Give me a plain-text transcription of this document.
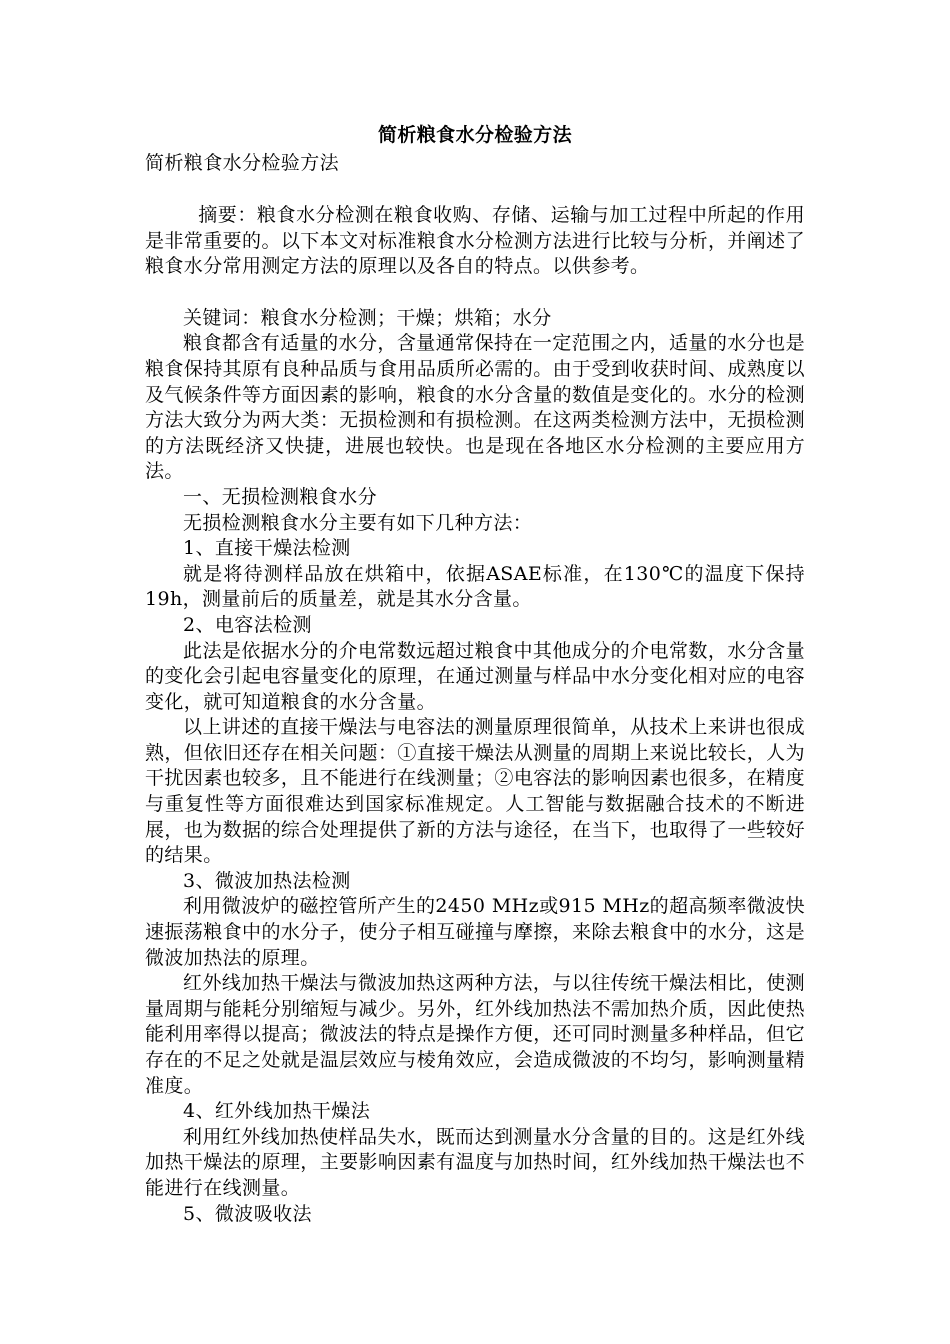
简析粮食水分检验方法
简析粮食水分检验方法
摘要：粮食水分检测在粮食收购、存储、运输与加工过程中所起的作用是非常重要的。以下本文对标准粮食水分检测方法进行比较与分析，并阐述了粮食水分常用测定方法的原理以及各自的特点。以供参考。
关键词：粮食水分检测；干燥；烘箱；水分
粮食都含有适量的水分，含量通常保持在一定范围之内，适量的水分也是粮食保持其原有良种品质与食用品质所必需的。由于受到收获时间、成熟度以及气候条件等方面因素的影响，粮食的水分含量的数值是变化的。水分的检测方法大致分为两大类：无损检测和有损检测。在这两类检测方法中，无损检测的方法既经济又快捷，进展也较快。也是现在各地区水分检测的主要应用方法。
一、无损检测粮食水分
无损检测粮食水分主要有如下几种方法：
1、直接干燥法检测
就是将待测样品放在烘箱中，依据ASAE标准，在130℃的温度下保持19h，测量前后的质量差，就是其水分含量。
2、电容法检测
此法是依据水分的介电常数远超过粮食中其他成分的介电常数，水分含量的变化会引起电容量变化的原理，在通过测量与样品中水分变化相对应的电容变化，就可知道粮食的水分含量。
以上讲述的直接干燥法与电容法的测量原理很简单，从技术上来讲也很成熟，但依旧还存在相关问题：①直接干燥法从测量的周期上来说比较长，人为干扰因素也较多，且不能进行在线测量；②电容法的影响因素也很多，在精度与重复性等方面很难达到国家标准规定。人工智能与数据融合技术的不断进展，也为数据的综合处理提供了新的方法与途径，在当下，也取得了一些较好的结果。
3、微波加热法检测
利用微波炉的磁控管所产生的2450 MHz或915 MHz的超高频率微波快速振荡粮食中的水分子，使分子相互碰撞与摩擦，来除去粮食中的水分，这是微波加热法的原理。
红外线加热干燥法与微波加热这两种方法，与以往传统干燥法相比，使测量周期与能耗分别缩短与减少。另外，红外线加热法不需加热介质，因此使热能利用率得以提高；微波法的特点是操作方便，还可同时测量多种样品，但它存在的不足之处就是温层效应与棱角效应，会造成微波的不均匀，影响测量精准度。
4、红外线加热干燥法
利用红外线加热使样品失水，既而达到测量水分含量的目的。这是红外线加热干燥法的原理，主要影响因素有温度与加热时间，红外线加热干燥法也不能进行在线测量。
5、微波吸收法
